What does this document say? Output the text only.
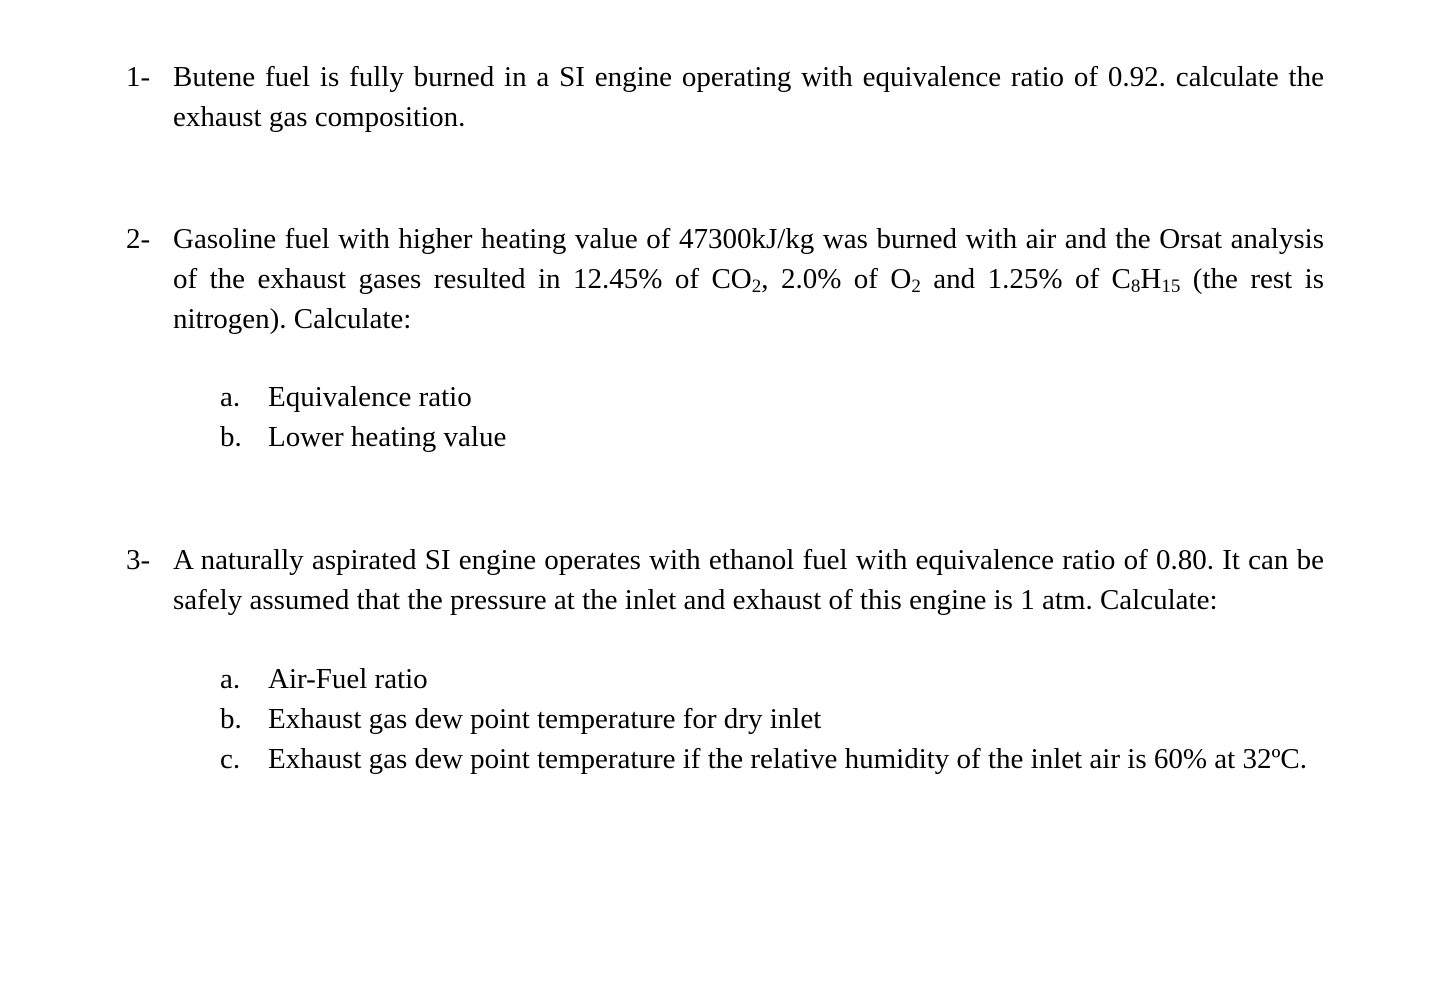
1- Butene fuel is fully burned in a SI engine operating with equivalence ratio of 0.92. calculate the exhaust gas composition.
2- Gasoline fuel with higher heating value of 47300kJ/kg was burned with air and the Orsat analysis of the exhaust gases resulted in 12.45% of $CO_2$, 2.0% of $O_2$ and 1.25% of $C_8H_{15}$ (the rest is nitrogen). Calculate:
a. Equivalence ratio
b. Lower heating value
3- A naturally aspirated SI engine operates with ethanol fuel with equivalence ratio of 0.80. It can be safely assumed that the pressure at the inlet and exhaust of this engine is 1 atm. Calculate:
a. Air-Fuel ratio
b. Exhaust gas dew point temperature for dry inlet
c. Exhaust gas dew point temperature if the relative humidity of the inlet air is 60% at 32ºC.
